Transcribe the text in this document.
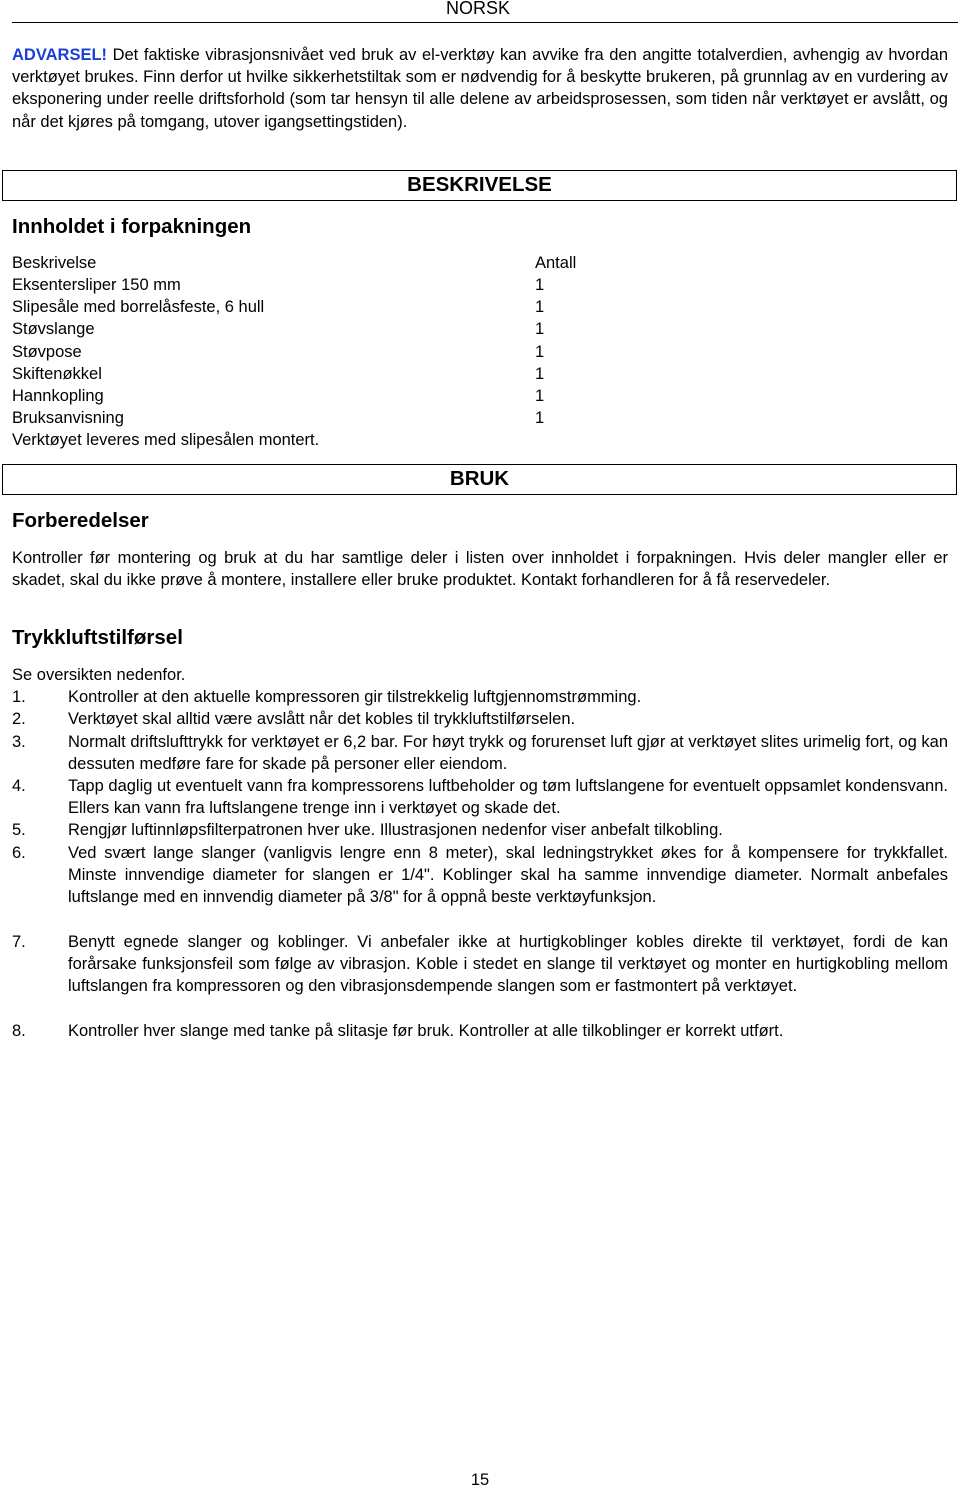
NORSK
ADVARSEL! Det faktiske vibrasjonsnivået ved bruk av el-verktøy kan avvike fra den angitte totalverdien, avhengig av hvordan verktøyet brukes. Finn derfor ut hvilke sikkerhetstiltak som er nødvendig for å beskytte brukeren, på grunnlag av en vurdering av eksponering under reelle driftsforhold (som tar hensyn til alle delene av arbeidsprosessen, som tiden når verktøyet er avslått, og når det kjøres på tomgang, utover igangsettingstiden).
BESKRIVELSE
Innholdet i forpakningen
Beskrivelse	Antall
Eksentersliper 150 mm	1
Slipesåle med borrelåsfeste, 6 hull	1
Støvslange	1
Støvpose	1
Skiftenøkkel	1
Hannkopling	1
Bruksanvisning	1
Verktøyet leveres med slipesålen montert.
BRUK
Forberedelser
Kontroller før montering og bruk at du har samtlige deler i listen over innholdet i forpakningen. Hvis deler mangler eller er skadet, skal du ikke prøve å montere, installere eller bruke produktet. Kontakt forhandleren for å få reservedeler.
Trykkluftstilførsel
Se oversikten nedenfor.
1.	Kontroller at den aktuelle kompressoren gir tilstrekkelig luftgjennomstrømming.
2.	Verktøyet skal alltid være avslått når det kobles til trykkluftstilførselen.
3.	Normalt driftslufttrykk for verktøyet er 6,2 bar. For høyt trykk og forurenset luft gjør at verktøyet slites urimelig fort, og kan dessuten medføre fare for skade på personer eller eiendom.
4.	Tapp daglig ut eventuelt vann fra kompressorens luftbeholder og tøm luftslangene for eventuelt oppsamlet kondensvann. Ellers kan vann fra luftslangene trenge inn i verktøyet og skade det.
5.	Rengjør luftinnløpsfilterpatronen hver uke. Illustrasjonen nedenfor viser anbefalt tilkobling.
6.	Ved svært lange slanger (vanligvis lengre enn 8 meter), skal ledningstrykket økes for å kompensere for trykkfallet. Minste innvendige diameter for slangen er 1/4". Koblinger skal ha samme innvendige diameter. Normalt anbefales luftslange med en innvendig diameter på 3/8" for å oppnå beste verktøyfunksjon.
7.	Benytt egnede slanger og koblinger. Vi anbefaler ikke at hurtigkoblinger kobles direkte til verktøyet, fordi de kan forårsake funksjonsfeil som følge av vibrasjon. Koble i stedet en slange til verktøyet og monter en hurtigkobling mellom luftslangen fra kompressoren og den vibrasjonsdempende slangen som er fastmontert på verktøyet.
8.	Kontroller hver slange med tanke på slitasje før bruk. Kontroller at alle tilkoblinger er korrekt utført.
15
